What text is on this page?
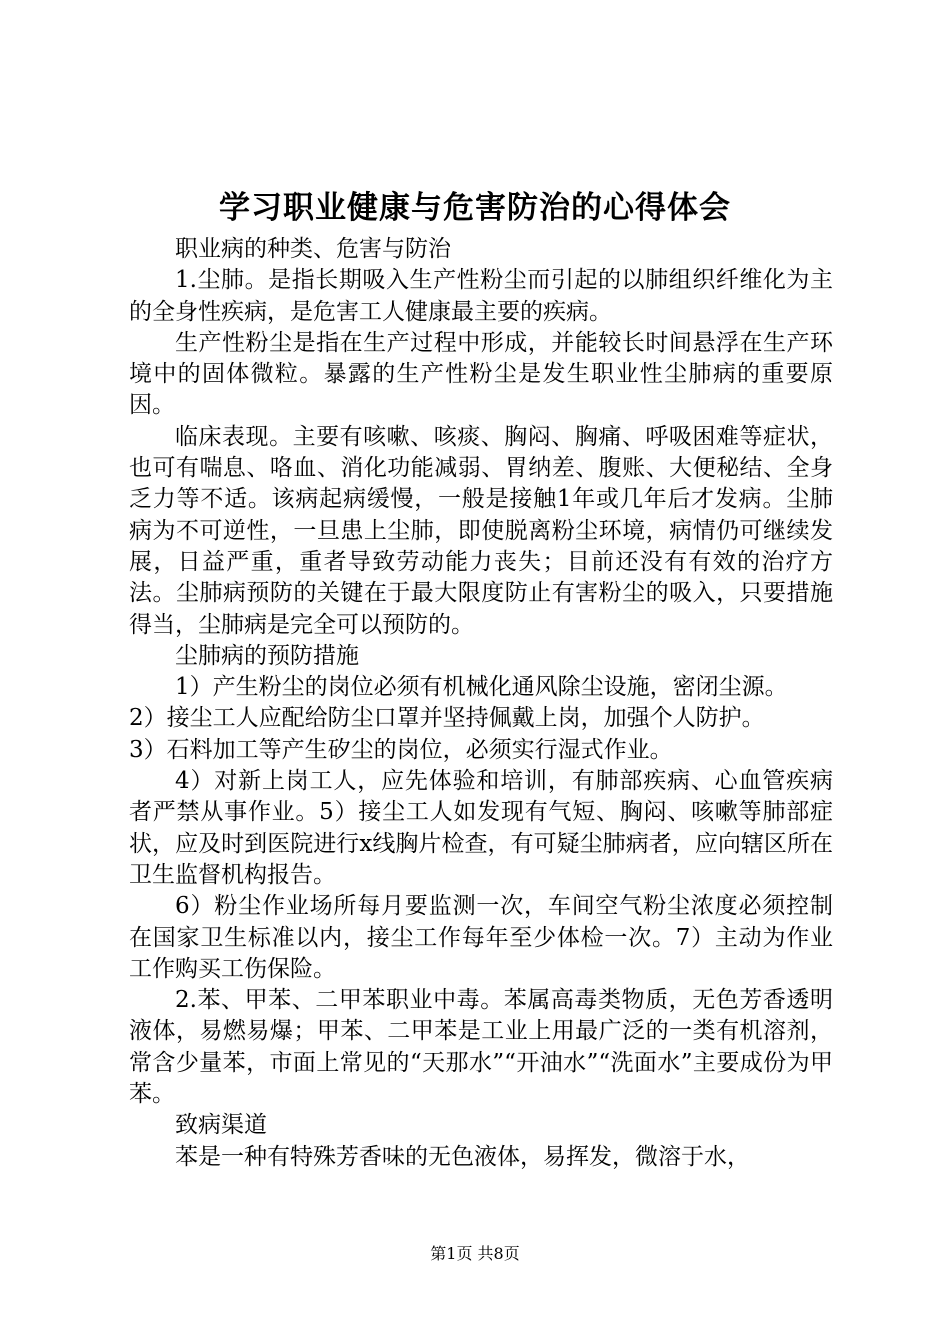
学习职业健康与危害防治的心得体会

职业病的种类、危害与防治

1.尘肺。是指长期吸入生产性粉尘而引起的以肺组织纤维化为主的全身性疾病，是危害工人健康最主要的疾病。

生产性粉尘是指在生产过程中形成，并能较长时间悬浮在生产环境中的固体微粒。暴露的生产性粉尘是发生职业性尘肺病的重要原因。

临床表现。主要有咳嗽、咳痰、胸闷、胸痛、呼吸困难等症状，也可有喘息、咯血、消化功能减弱、胃纳差、腹账、大便秘结、全身乏力等不适。该病起病缓慢，一般是接触1年或几年后才发病。尘肺病为不可逆性，一旦患上尘肺，即使脱离粉尘环境，病情仍可继续发展，日益严重，重者导致劳动能力丧失；目前还没有有效的治疗方法。尘肺病预防的关键在于最大限度防止有害粉尘的吸入，只要措施得当，尘肺病是完全可以预防的。

尘肺病的预防措施

1）产生粉尘的岗位必须有机械化通风除尘设施，密闭尘源。

2）接尘工人应配给防尘口罩并坚持佩戴上岗，加强个人防护。

3）石料加工等产生矽尘的岗位，必须实行湿式作业。

4）对新上岗工人，应先体验和培训，有肺部疾病、心血管疾病者严禁从事作业。5）接尘工人如发现有气短、胸闷、咳嗽等肺部症状，应及时到医院进行x线胸片检查，有可疑尘肺病者，应向辖区所在卫生监督机构报告。

6）粉尘作业场所每月要监测一次，车间空气粉尘浓度必须控制在国家卫生标准以内，接尘工作每年至少体检一次。7）主动为作业工作购买工伤保险。

2.苯、甲苯、二甲苯职业中毒。苯属高毒类物质，无色芳香透明液体，易燃易爆；甲苯、二甲苯是工业上用最广泛的一类有机溶剂，常含少量苯，市面上常见的“天那水”“开油水”“洗面水”主要成份为甲苯。

致病渠道

苯是一种有特殊芳香味的无色液体，易挥发，微溶于水，

第1页 共8页
